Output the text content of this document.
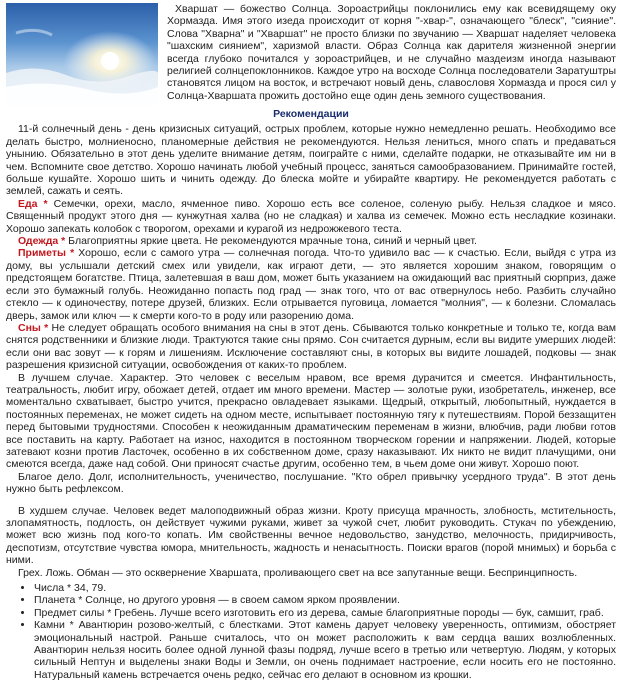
Хваршат — божество Солнца. Зороастрийцы поклонились ему как всевидящему оку Хормазда. Имя этого изеда происходит от корня "-хвар-", означающего "блеск", "сияние". Слова "Хварна" и "Хваршат" не просто близки по звучанию — Хваршат наделяет человека "шахским сиянием", харизмой власти. Образ Солнца как дарителя жизненной энергии всегда глубоко почитался у зороастрийцев, и не случайно маздеизм иногда называют религией солнцепоклонников. Каждое утро на восходе Солнца последователи Заратуштры становятся лицом на восток, и встречают новый день, славословя Хормазда и прося сил у Солнца-Хваршата прожить достойно еще один день земного существования.

Рекомендации

11-й солнечный день - день кризисных ситуаций, острых проблем, которые нужно немедленно решать. Необходимо все делать быстро, молниеносно, планомерные действия не рекомендуются. Нельзя лениться, много спать и предаваться унынию. Обязательно в этот день уделите внимание детям, поиграйте с ними, сделайте подарки, не отказывайте им ни в чем. Вспомните свое детство. Хорошо начинать любой учебный процесс, заняться самообразованием. Принимайте гостей, больше кушайте. Хорошо шить и чинить одежду. До блеска мойте и убирайте квартиру. Не рекомендуется работать с землей, сажать и сеять.

Еда * Семечки, орехи, масло, ячменное пиво. Хорошо есть все соленое, соленую рыбу. Нельзя сладкое и мясо. Священный продукт этого дня — кунжутная халва (но не сладкая) и халва из семечек. Можно есть несладкие козинаки. Хорошо запекать колобок с творогом, орехами и курагой из недрожжевого теста.

Одежда * Благоприятны яркие цвета. Не рекомендуются мрачные тона, синий и черный цвет.

Приметы * Хорошо, если с самого утра — солнечная погода. Что-то удивило вас — к счастью. Если, выйдя с утра из дому, вы услышали детский смех или увидели, как играют дети, — это является хорошим знаком, говорящим о предстоящем богатстве. Птица, залетевшая в ваш дом, может быть указанием на ожидающий вас приятный сюрприз, даже если это бумажный голубь. Неожиданно попасть под град — знак того, что от вас отвернулось небо. Разбить случайно стекло — к одиночеству, потере друзей, близких. Если отрывается пуговица, ломается "молния", — к болезни. Сломалась дверь, замок или ключ — к смерти кого-то в роду или разорению дома.

Сны * Не следует обращать особого внимания на сны в этот день. Сбываются только конкретные и только те, когда вам снятся родственники и близкие люди. Трактуются такие сны прямо. Сон считается дурным, если вы видите умерших людей: если они вас зовут — к горям и лишениям. Исключение составляют сны, в которых вы видите лошадей, подковы — знак разрешения кризисной ситуации, освобождения от каких-то проблем.

В лучшем случае. Характер. Это человек с веселым нравом, все время дурачится и смеется. Инфантильность, театральность, любит игру, обожает детей, отдает им много времени. Мастер — золотые руки, изобретатель, инженер, все моментально схватывает, быстро учится, прекрасно овладевает языками. Щедрый, открытый, любопытный, нуждается в постоянных переменах, не может сидеть на одном месте, испытывает постоянную тягу к путешествиям. Порой беззащитен перед бытовыми трудностями. Способен к неожиданным драматическим переменам в жизни, влюбчив, ради любви готов все поставить на карту. Работает на износ, находится в постоянном творческом горении и напряжении. Людей, которые затевают козни против Ласточек, особенно в их собственном доме, сразу наказывают. Их никто не видит плачущими, они смеются всегда, даже над собой. Они приносят счастье другим, особенно тем, в чьем доме они живут. Хорошо поют.

Благое дело. Долг, исполнительность, ученичество, послушание. "Кто обрел привычку усердного труда". В этот день нужно быть рефлексом.

В худшем случае. Человек ведет малоподвижный образ жизни. Кроту присуща мрачность, злобность, мстительность, злопамятность, подлость, он действует чужими руками, живет за чужой счет, любит руководить. Стукач по убеждению, может всю жизнь под кого-то копать. Им свойственны вечное недовольство, занудство, мелочность, придирчивость, деспотизм, отсутствие чувства юмора, мнительность, жадность и ненасытность. Поиски врагов (порой мнимых) и борьба с ними.

Грех. Ложь. Обман — это осквернение Хваршата, проливающего свет на все запутанные вещи. Беспринципность.

• Числа * 34, 79.
• Планета * Солнце, но другого уровня — в своем самом ярком проявлении.
• Предмет силы * Гребень. Лучше всего изготовить его из дерева, самые благоприятные породы — бук, самшит, граб.
• Камни * Авантюрин розово-желтый, с блестками. Этот камень дарует человеку уверенность, оптимизм, обостряет эмоциональный настрой. Раньше считалось, что он может расположить к вам сердца ваших возлюбленных. Авантюрин нельзя носить более одной лунной фазы подряд, лучше всего в третью или четвертую. Людям, у которых сильный Нептун и выделены знаки Воды и Земли, он очень поднимает настроение, если носить его не постоянно. Натуральный камень встречается очень редко, сейчас его делают в основном из крошки.
